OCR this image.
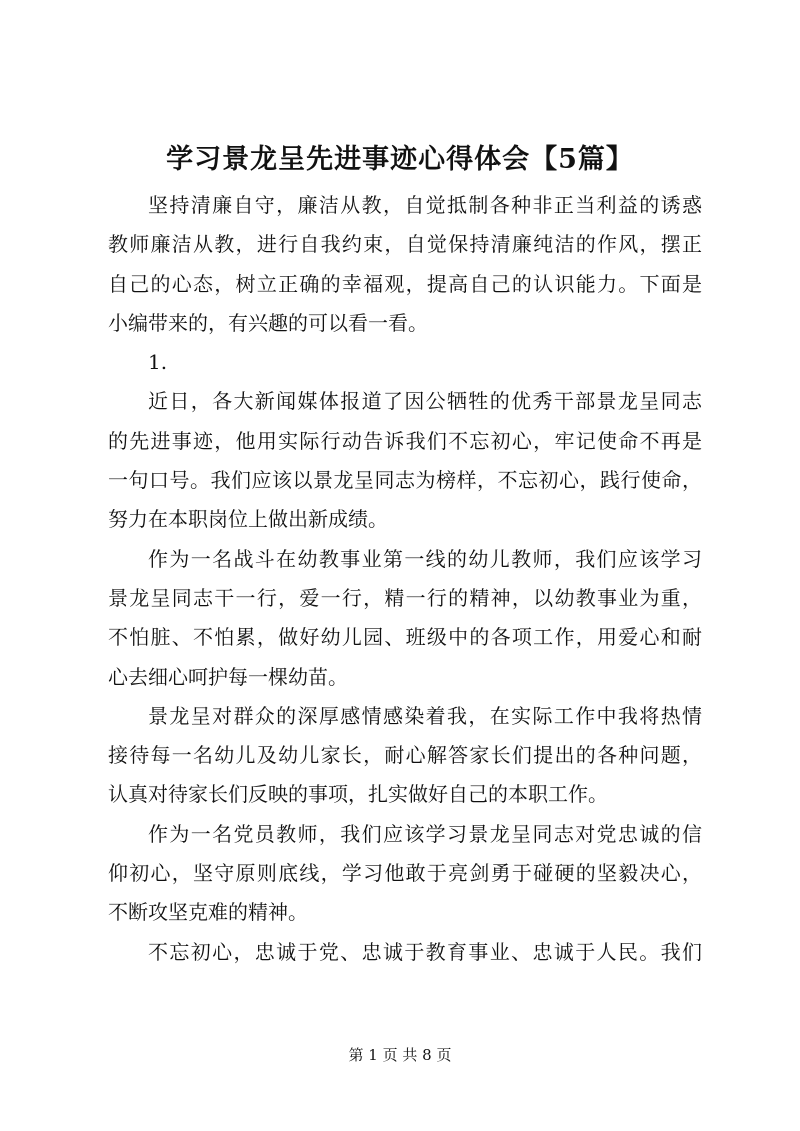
学习景龙呈先进事迹心得体会【5篇】
坚持清廉自守，廉洁从教，自觉抵制各种非正当利益的诱惑
教师廉洁从教，进行自我约束，自觉保持清廉纯洁的作风，摆正
自己的心态，树立正确的幸福观，提高自己的认识能力。下面是
小编带来的，有兴趣的可以看一看。
1.
近日，各大新闻媒体报道了因公牺牲的优秀干部景龙呈同志
的先进事迹，他用实际行动告诉我们不忘初心，牢记使命不再是
一句口号。我们应该以景龙呈同志为榜样，不忘初心，践行使命，
努力在本职岗位上做出新成绩。
作为一名战斗在幼教事业第一线的幼儿教师，我们应该学习
景龙呈同志干一行，爱一行，精一行的精神，以幼教事业为重，
不怕脏、不怕累，做好幼儿园、班级中的各项工作，用爱心和耐
心去细心呵护每一棵幼苗。
景龙呈对群众的深厚感情感染着我，在实际工作中我将热情
接待每一名幼儿及幼儿家长，耐心解答家长们提出的各种问题，
认真对待家长们反映的事项，扎实做好自己的本职工作。
作为一名党员教师，我们应该学习景龙呈同志对党忠诚的信
仰初心，坚守原则底线，学习他敢于亮剑勇于碰硬的坚毅决心，
不断攻坚克难的精神。
不忘初心，忠诚于党、忠诚于教育事业、忠诚于人民。我们
第 1 页 共 8 页
